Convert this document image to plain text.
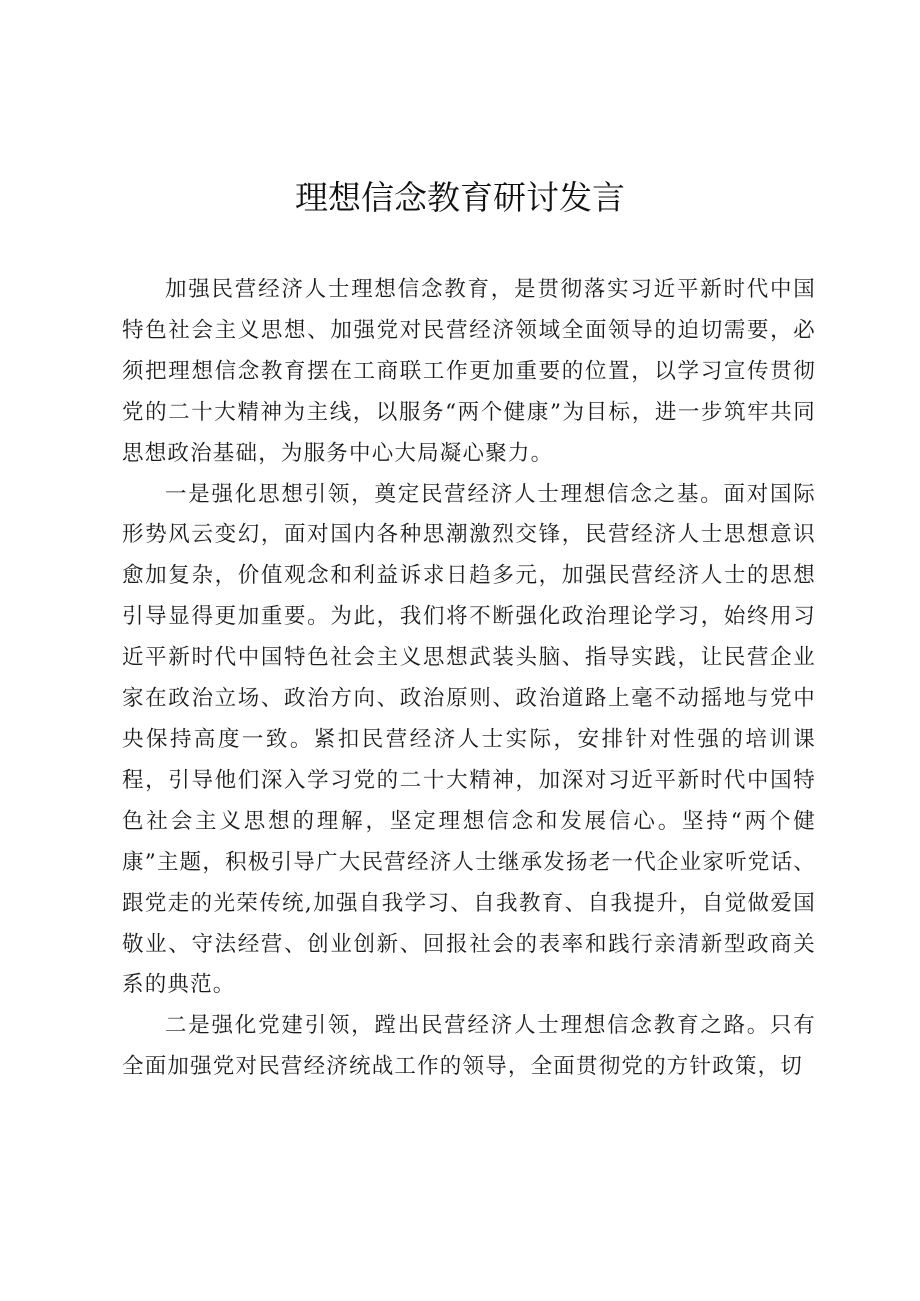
理想信念教育研讨发言

加强民营经济人士理想信念教育，是贯彻落实习近平新时代中国特色社会主义思想、加强党对民营经济领域全面领导的迫切需要，必须把理想信念教育摆在工商联工作更加重要的位置，以学习宣传贯彻党的二十大精神为主线，以服务“两个健康”为目标，进一步筑牢共同思想政治基础，为服务中心大局凝心聚力。

一是强化思想引领，奠定民营经济人士理想信念之基。面对国际形势风云变幻，面对国内各种思潮激烈交锋，民营经济人士思想意识愈加复杂，价值观念和利益诉求日趋多元，加强民营经济人士的思想引导显得更加重要。为此，我们将不断强化政治理论学习，始终用习近平新时代中国特色社会主义思想武装头脑、指导实践，让民营企业家在政治立场、政治方向、政治原则、政治道路上毫不动摇地与党中央保持高度一致。紧扣民营经济人士实际，安排针对性强的培训课程，引导他们深入学习党的二十大精神，加深对习近平新时代中国特色社会主义思想的理解，坚定理想信念和发展信心。坚持“两个健康”主题，积极引导广大民营经济人士继承发扬老一代企业家听党话、跟党走的光荣传统,加强自我学习、自我教育、自我提升，自觉做爱国敬业、守法经营、创业创新、回报社会的表率和践行亲清新型政商关系的典范。

二是强化党建引领，蹚出民营经济人士理想信念教育之路。只有全面加强党对民营经济统战工作的领导，全面贯彻党的方针政策，切
